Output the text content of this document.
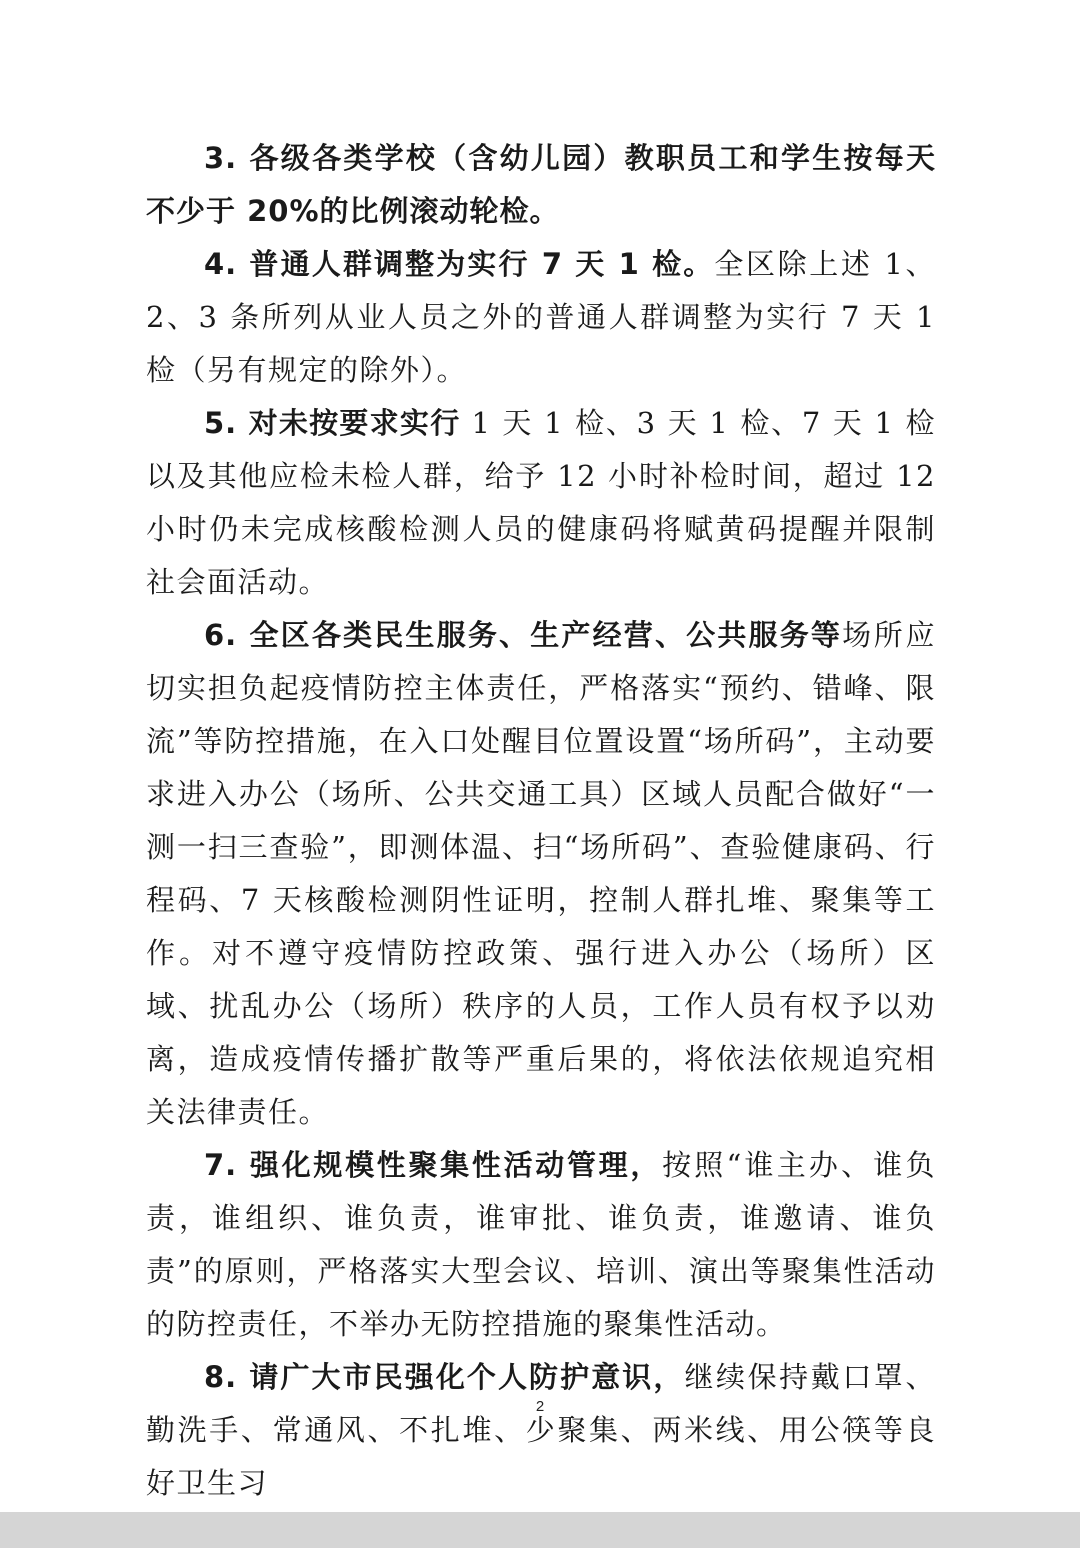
3. 各级各类学校（含幼儿园）教职员工和学生按每天不少于 20%的比例滚动轮检。

4. 普通人群调整为实行 7 天 1 检。全区除上述 1、2、3 条所列从业人员之外的普通人群调整为实行 7 天 1 检（另有规定的除外）。

5. 对未按要求实行 1 天 1 检、3 天 1 检、7 天 1 检以及其他应检未检人群，给予 12 小时补检时间，超过 12 小时仍未完成核酸检测人员的健康码将赋黄码提醒并限制社会面活动。

6. 全区各类民生服务、生产经营、公共服务等场所应切实担负起疫情防控主体责任，严格落实“预约、错峰、限流”等防控措施，在入口处醒目位置设置“场所码”，主动要求进入办公（场所、公共交通工具）区域人员配合做好“一测一扫三查验”，即测体温、扫“场所码”、查验健康码、行程码、7 天核酸检测阴性证明，控制人群扎堆、聚集等工作。对不遵守疫情防控政策、强行进入办公（场所）区域、扰乱办公（场所）秩序的人员，工作人员有权予以劝离，造成疫情传播扩散等严重后果的，将依法依规追究相关法律责任。

7. 强化规模性聚集性活动管理，按照“谁主办、谁负责，谁组织、谁负责，谁审批、谁负责，谁邀请、谁负责”的原则，严格落实大型会议、培训、演出等聚集性活动的防控责任，不举办无防控措施的聚集性活动。

8. 请广大市民强化个人防护意识，继续保持戴口罩、勤洗手、常通风、不扎堆、少聚集、两米线、用公筷等良好卫生习

2
